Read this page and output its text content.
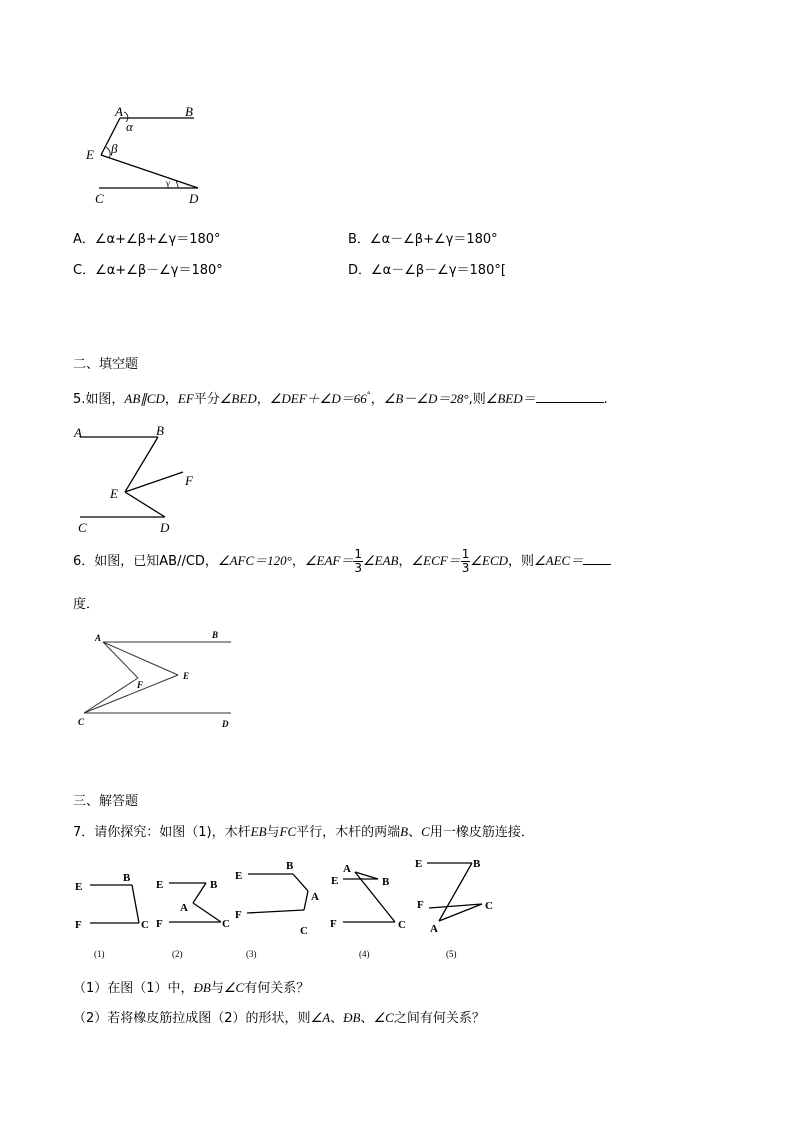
A	B
α
E β
γ
C	D
A．∠α+∠β+∠γ＝180°	B．∠α－∠β+∠γ＝180°
C．∠α+∠β－∠γ＝180°	D．∠α－∠β－∠γ＝180°[
二、填空题
5.如图，AB∥CD，EF平分∠BED，∠DEF＋∠D＝66°，∠B－∠D＝28°,则∠BED＝	.
A	B
E
F
C	D
6．如图，已知AB//CD，∠AFC＝120°，∠EAF＝ $\frac{1}{3}$ ∠EAB，∠ECF＝ $\frac{1}{3}$ ∠ECD，则∠AEC＝
度．
A	B
F
E
C	D
三、解答题
7．请你探究：如图（1)，木杆EB与FC平行，木杆的两端B、C用一橡皮筋连接．
E
B
F	C
E	B
A
F	C
E
B
A
F
C
E
A
B
F	C
E	B
F	C
A
(1)	(2)	(3)	(4)	(5)
（1）在图（1）中，ÐB与∠C有何关系？
（2）若将橡皮筋拉成图（2）的形状，则∠A、ÐB、∠C之间有何关系？
